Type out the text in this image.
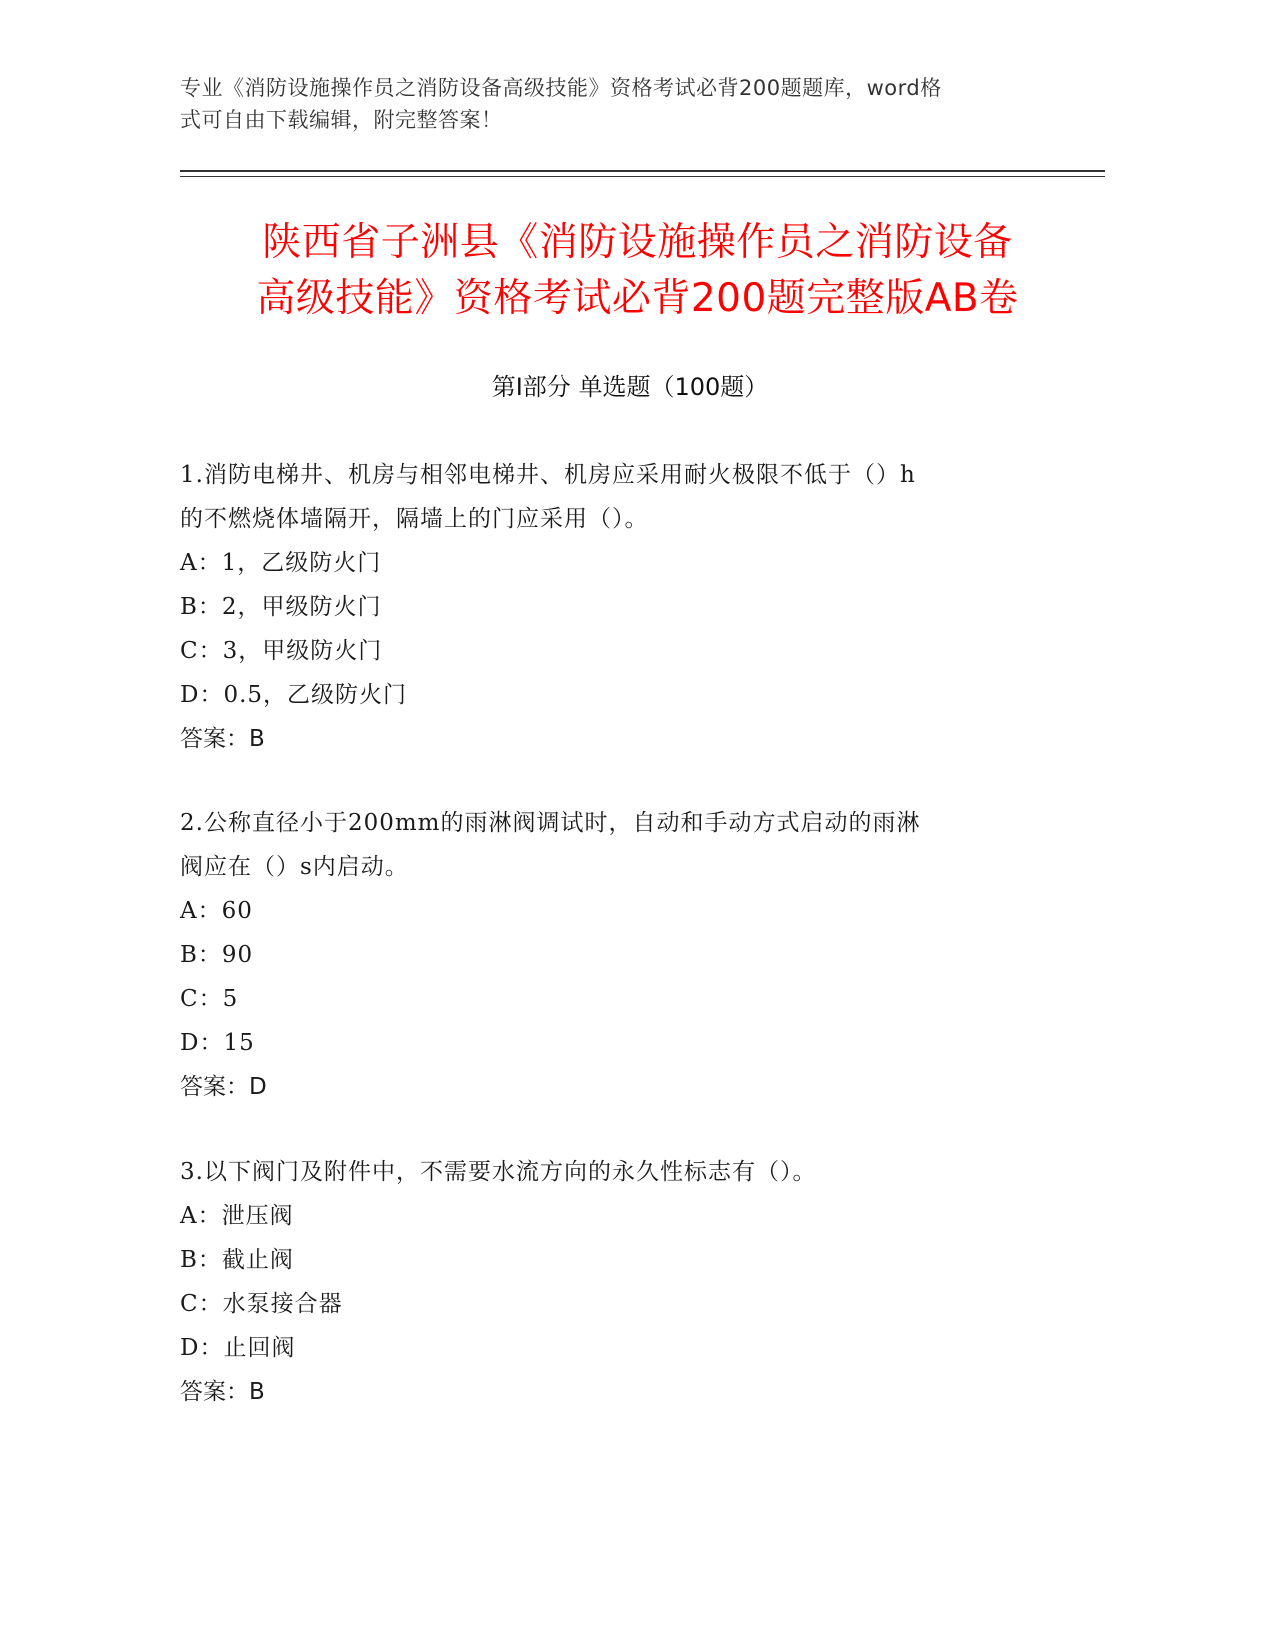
专业《消防设施操作员之消防设备高级技能》资格考试必背200题题库，word格
式可自由下载编辑，附完整答案！
陕西省子洲县《消防设施操作员之消防设备
高级技能》资格考试必背200题完整版AB卷
第Ⅰ部分 单选题（100题）

1.消防电梯井、机房与相邻电梯井、机房应采用耐火极限不低于（）h

的不燃烧体墙隔开，隔墙上的门应采用（）。

A：1，乙级防火门

B：2，甲级防火门

C：3，甲级防火门

D：0.5，乙级防火门

答案：B

2.公称直径小于200mm的雨淋阀调试时，自动和手动方式启动的雨淋

阀应在（）s内启动。

A：60

B：90

C：5

D：15

答案：D

3.以下阀门及附件中，不需要水流方向的永久性标志有（）。

A：泄压阀

B：截止阀

C：水泵接合器

D：止回阀

答案：B
